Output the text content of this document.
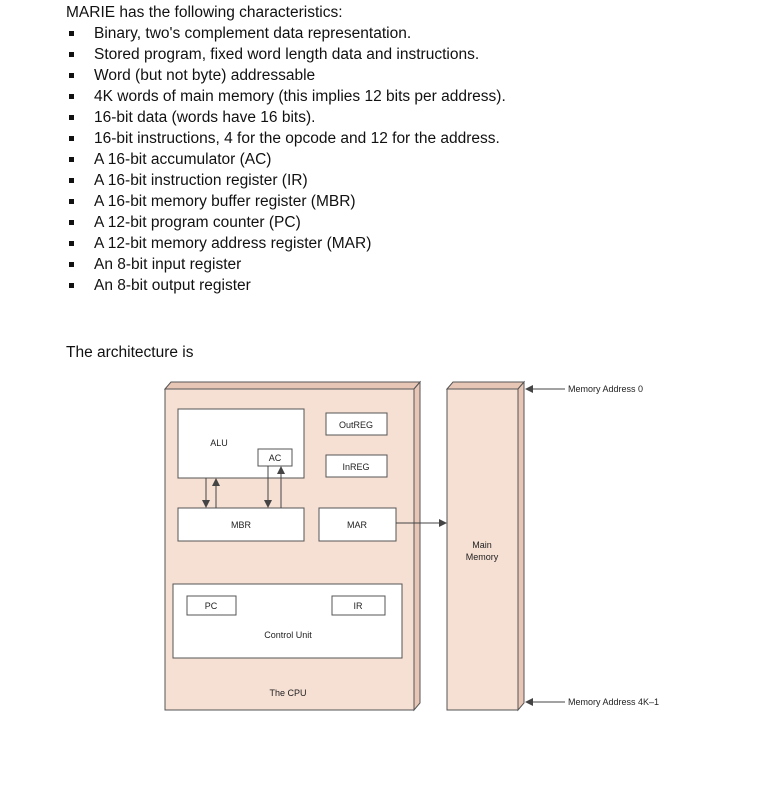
MARIE has the following characteristics:

Binary, two's complement data representation.
Stored program, fixed word length data and instructions.
Word (but not byte) addressable
4K words of main memory (this implies 12 bits per address).
16-bit data (words have 16 bits).
16-bit instructions, 4 for the opcode and 12 for the address.
A 16-bit accumulator (AC)
A 16-bit instruction register (IR)
A 16-bit memory buffer register (MBR)
A 12-bit program counter (PC)
A 12-bit memory address register (MAR)
An 8-bit input register
An 8-bit output register

The architecture is

Main
Memory
ALU
AC
OutREG
InREG
MBR	MAR
Control Unit
PC	IR
The CPU
Memory Address 0
Memory Address 4K–1
